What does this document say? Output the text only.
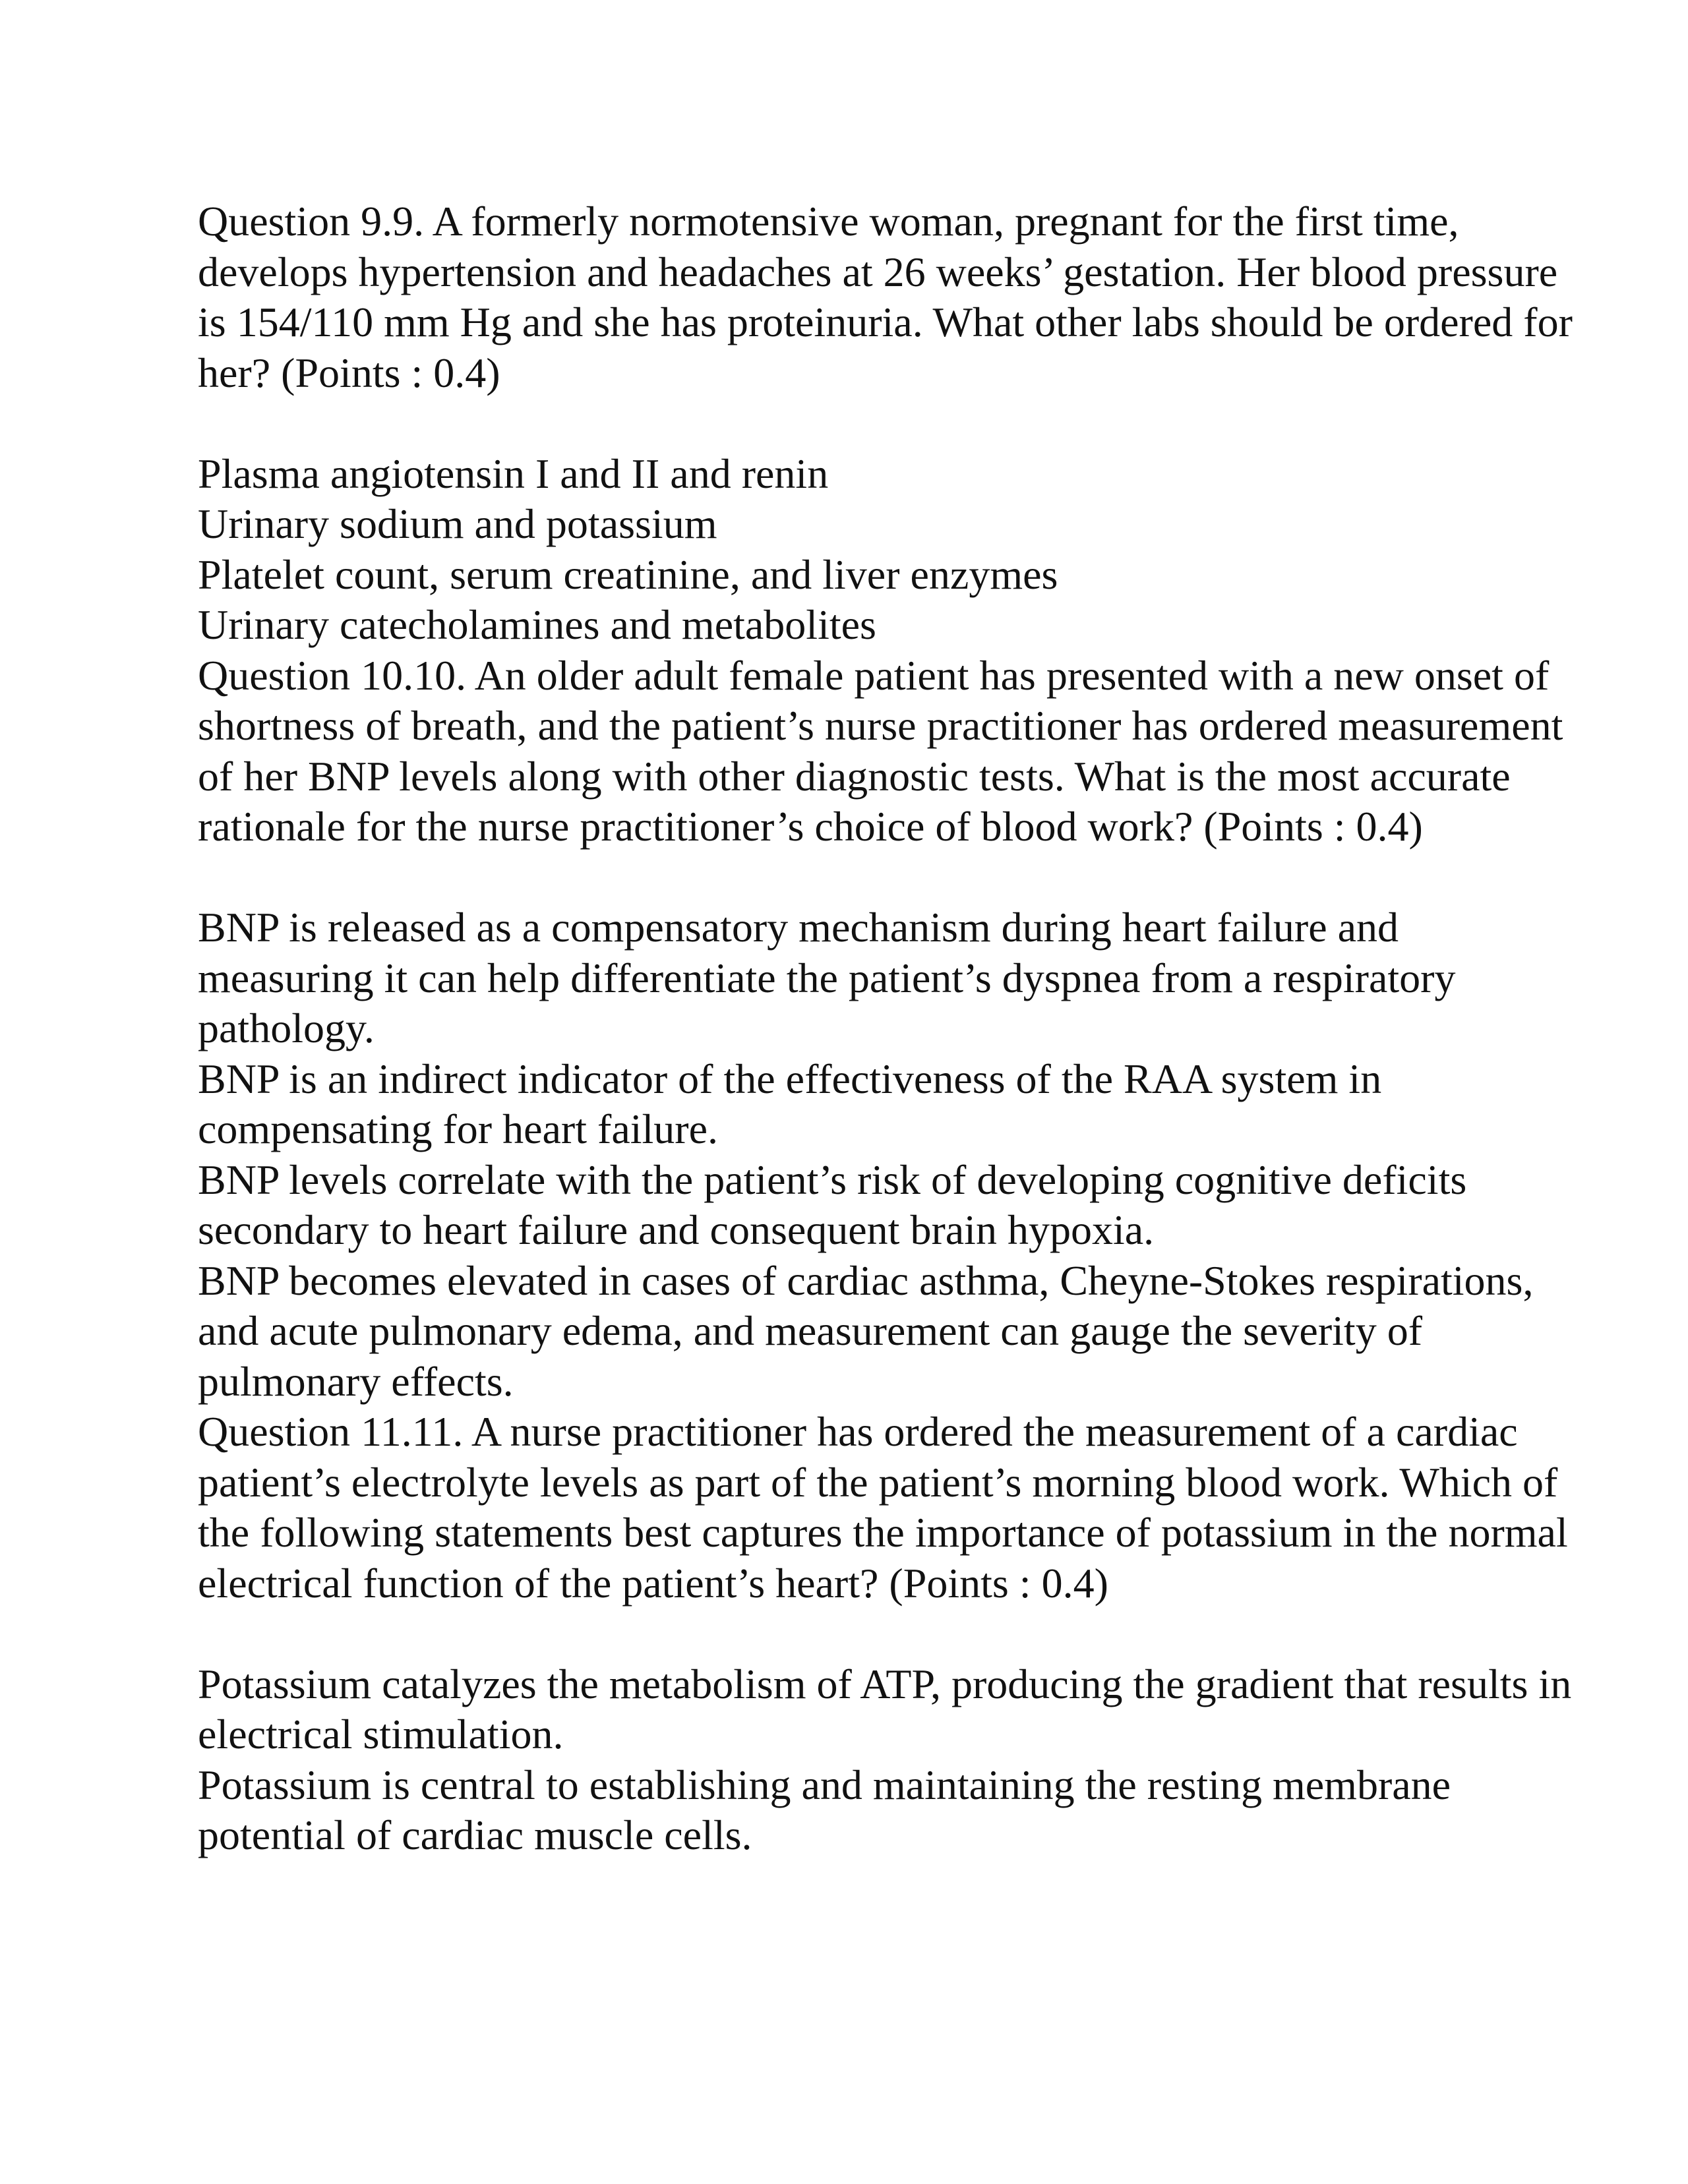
Question 9.9. A formerly normotensive woman, pregnant for the first time, develops hypertension and headaches at 26 weeks’ gestation. Her blood pressure is 154/110 mm Hg and she has proteinuria. What other labs should be ordered for her? (Points : 0.4)

Plasma angiotensin I and II and renin

Urinary sodium and potassium

Platelet count, serum creatinine, and liver enzymes

Urinary catecholamines and metabolites

Question 10.10. An older adult female patient has presented with a new onset of shortness of breath, and the patient’s nurse practitioner has ordered measurement of her BNP levels along with other diagnostic tests. What is the most accurate rationale for the nurse practitioner’s choice of blood work? (Points : 0.4)

BNP is released as a compensatory mechanism during heart failure and measuring it can help differentiate the patient’s dyspnea from a respiratory pathology.

BNP is an indirect indicator of the effectiveness of the RAA system in compensating for heart failure.

BNP levels correlate with the patient’s risk of developing cognitive deficits secondary to heart failure and consequent brain hypoxia.

BNP becomes elevated in cases of cardiac asthma, Cheyne-Stokes respirations, and acute pulmonary edema, and measurement can gauge the severity of pulmonary effects.

Question 11.11. A nurse practitioner has ordered the measurement of a cardiac patient’s electrolyte levels as part of the patient’s morning blood work. Which of the following statements best captures the importance of potassium in the normal electrical function of the patient’s heart? (Points : 0.4)

Potassium catalyzes the metabolism of ATP, producing the gradient that results in electrical stimulation.

Potassium is central to establishing and maintaining the resting membrane potential of cardiac muscle cells.
